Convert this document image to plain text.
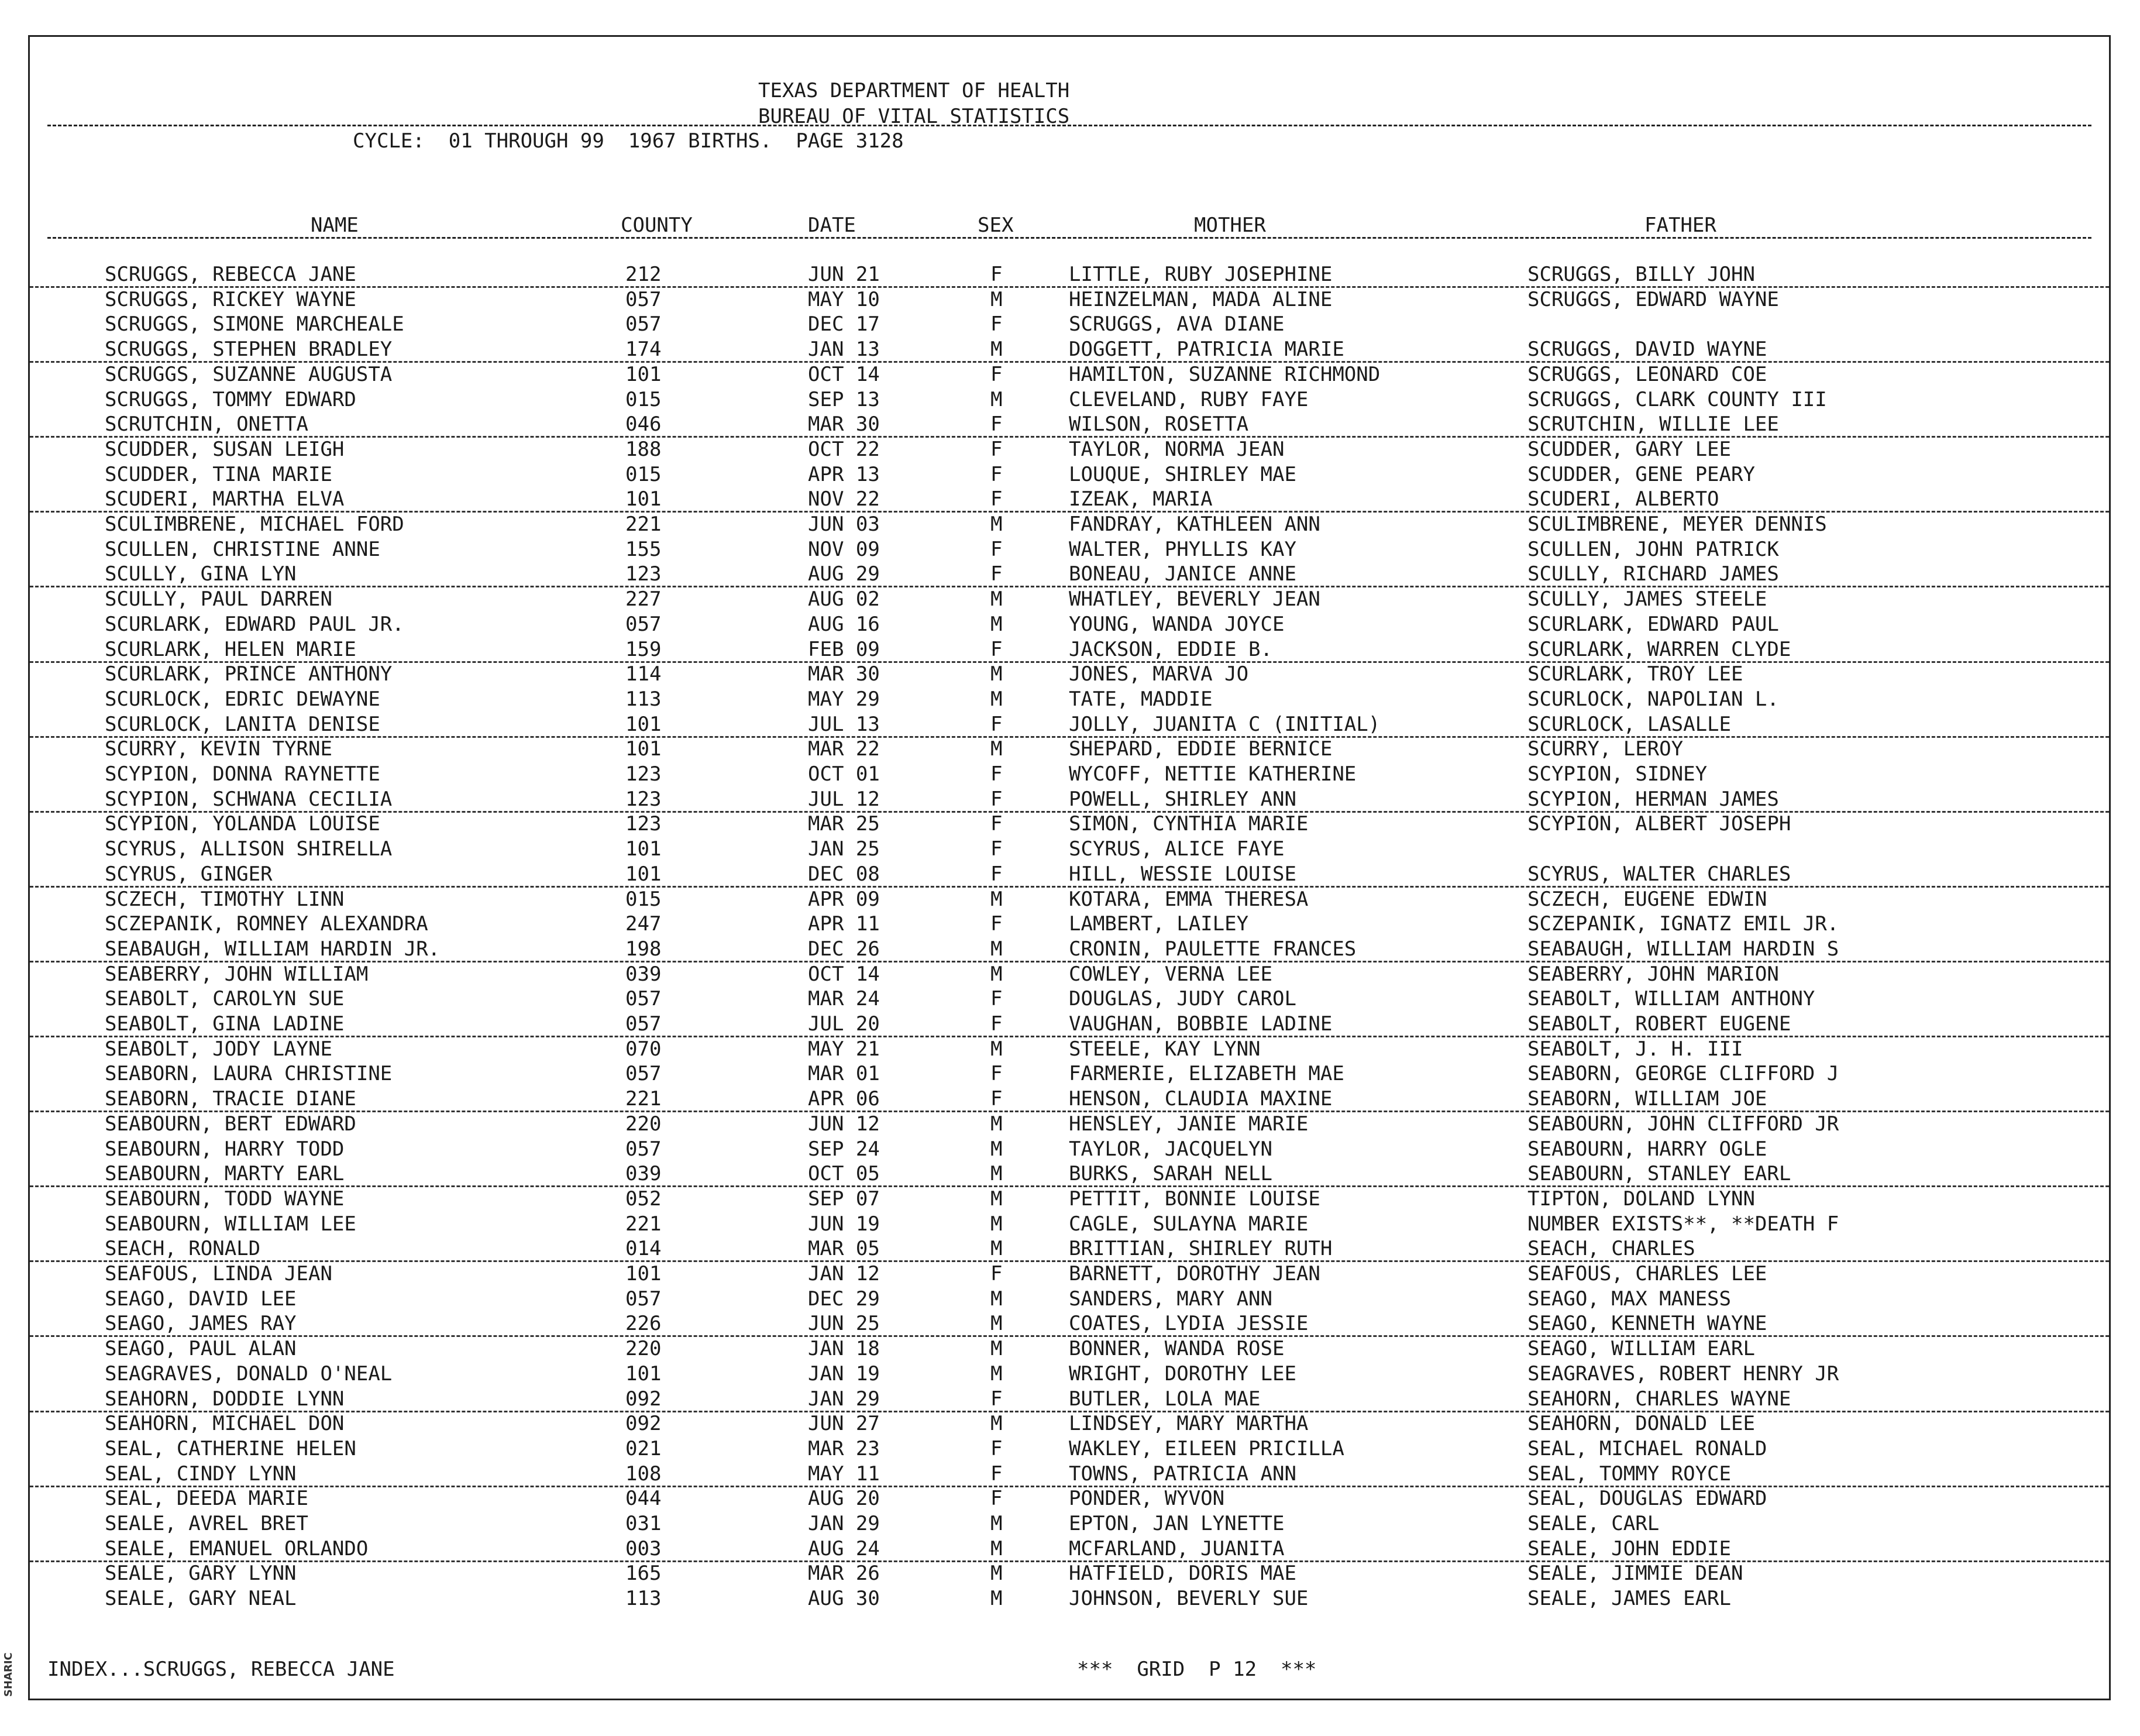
TEXAS DEPARTMENT OF HEALTH
BUREAU OF VITAL STATISTICS
CYCLE:  01 THROUGH 99  1967 BIRTHS.  PAGE 3128
NAME	COUNTY	DATE	SEX	MOTHER	FATHER
SCRUGGS, REBECCA JANE	212	JUN 21	F	LITTLE, RUBY JOSEPHINE	SCRUGGS, BILLY JOHN
SCRUGGS, RICKEY WAYNE	057	MAY 10	M	HEINZELMAN, MADA ALINE	SCRUGGS, EDWARD WAYNE
SCRUGGS, SIMONE MARCHEALE	057	DEC 17	F	SCRUGGS, AVA DIANE
SCRUGGS, STEPHEN BRADLEY	174	JAN 13	M	DOGGETT, PATRICIA MARIE	SCRUGGS, DAVID WAYNE
SCRUGGS, SUZANNE AUGUSTA	101	OCT 14	F	HAMILTON, SUZANNE RICHMOND	SCRUGGS, LEONARD COE
SCRUGGS, TOMMY EDWARD	015	SEP 13	M	CLEVELAND, RUBY FAYE	SCRUGGS, CLARK COUNTY III
SCRUTCHIN, ONETTA	046	MAR 30	F	WILSON, ROSETTA	SCRUTCHIN, WILLIE LEE
SCUDDER, SUSAN LEIGH	188	OCT 22	F	TAYLOR, NORMA JEAN	SCUDDER, GARY LEE
SCUDDER, TINA MARIE	015	APR 13	F	LOUQUE, SHIRLEY MAE	SCUDDER, GENE PEARY
SCUDERI, MARTHA ELVA	101	NOV 22	F	IZEAK, MARIA	SCUDERI, ALBERTO
SCULIMBRENE, MICHAEL FORD	221	JUN 03	M	FANDRAY, KATHLEEN ANN	SCULIMBRENE, MEYER DENNIS
SCULLEN, CHRISTINE ANNE	155	NOV 09	F	WALTER, PHYLLIS KAY	SCULLEN, JOHN PATRICK
SCULLY, GINA LYN	123	AUG 29	F	BONEAU, JANICE ANNE	SCULLY, RICHARD JAMES
SCULLY, PAUL DARREN	227	AUG 02	M	WHATLEY, BEVERLY JEAN	SCULLY, JAMES STEELE
SCURLARK, EDWARD PAUL JR.	057	AUG 16	M	YOUNG, WANDA JOYCE	SCURLARK, EDWARD PAUL
SCURLARK, HELEN MARIE	159	FEB 09	F	JACKSON, EDDIE B.	SCURLARK, WARREN CLYDE
SCURLARK, PRINCE ANTHONY	114	MAR 30	M	JONES, MARVA JO	SCURLARK, TROY LEE
SCURLOCK, EDRIC DEWAYNE	113	MAY 29	M	TATE, MADDIE	SCURLOCK, NAPOLIAN L.
SCURLOCK, LANITA DENISE	101	JUL 13	F	JOLLY, JUANITA C (INITIAL)	SCURLOCK, LASALLE
SCURRY, KEVIN TYRNE	101	MAR 22	M	SHEPARD, EDDIE BERNICE	SCURRY, LEROY
SCYPION, DONNA RAYNETTE	123	OCT 01	F	WYCOFF, NETTIE KATHERINE	SCYPION, SIDNEY
SCYPION, SCHWANA CECILIA	123	JUL 12	F	POWELL, SHIRLEY ANN	SCYPION, HERMAN JAMES
SCYPION, YOLANDA LOUISE	123	MAR 25	F	SIMON, CYNTHIA MARIE	SCYPION, ALBERT JOSEPH
SCYRUS, ALLISON SHIRELLA	101	JAN 25	F	SCYRUS, ALICE FAYE
SCYRUS, GINGER	101	DEC 08	F	HILL, WESSIE LOUISE	SCYRUS, WALTER CHARLES
SCZECH, TIMOTHY LINN	015	APR 09	M	KOTARA, EMMA THERESA	SCZECH, EUGENE EDWIN
SCZEPANIK, ROMNEY ALEXANDRA	247	APR 11	F	LAMBERT, LAILEY	SCZEPANIK, IGNATZ EMIL JR.
SEABAUGH, WILLIAM HARDIN JR.	198	DEC 26	M	CRONIN, PAULETTE FRANCES	SEABAUGH, WILLIAM HARDIN S
SEABERRY, JOHN WILLIAM	039	OCT 14	M	COWLEY, VERNA LEE	SEABERRY, JOHN MARION
SEABOLT, CAROLYN SUE	057	MAR 24	F	DOUGLAS, JUDY CAROL	SEABOLT, WILLIAM ANTHONY
SEABOLT, GINA LADINE	057	JUL 20	F	VAUGHAN, BOBBIE LADINE	SEABOLT, ROBERT EUGENE
SEABOLT, JODY LAYNE	070	MAY 21	M	STEELE, KAY LYNN	SEABOLT, J. H. III
SEABORN, LAURA CHRISTINE	057	MAR 01	F	FARMERIE, ELIZABETH MAE	SEABORN, GEORGE CLIFFORD J
SEABORN, TRACIE DIANE	221	APR 06	F	HENSON, CLAUDIA MAXINE	SEABORN, WILLIAM JOE
SEABOURN, BERT EDWARD	220	JUN 12	M	HENSLEY, JANIE MARIE	SEABOURN, JOHN CLIFFORD JR
SEABOURN, HARRY TODD	057	SEP 24	M	TAYLOR, JACQUELYN	SEABOURN, HARRY OGLE
SEABOURN, MARTY EARL	039	OCT 05	M	BURKS, SARAH NELL	SEABOURN, STANLEY EARL
SEABOURN, TODD WAYNE	052	SEP 07	M	PETTIT, BONNIE LOUISE	TIPTON, DOLAND LYNN
SEABOURN, WILLIAM LEE	221	JUN 19	M	CAGLE, SULAYNA MARIE	NUMBER EXISTS**, **DEATH F
SEACH, RONALD	014	MAR 05	M	BRITTIAN, SHIRLEY RUTH	SEACH, CHARLES
SEAFOUS, LINDA JEAN	101	JAN 12	F	BARNETT, DOROTHY JEAN	SEAFOUS, CHARLES LEE
SEAGO, DAVID LEE	057	DEC 29	M	SANDERS, MARY ANN	SEAGO, MAX MANESS
SEAGO, JAMES RAY	226	JUN 25	M	COATES, LYDIA JESSIE	SEAGO, KENNETH WAYNE
SEAGO, PAUL ALAN	220	JAN 18	M	BONNER, WANDA ROSE	SEAGO, WILLIAM EARL
SEAGRAVES, DONALD O'NEAL	101	JAN 19	M	WRIGHT, DOROTHY LEE	SEAGRAVES, ROBERT HENRY JR
SEAHORN, DODDIE LYNN	092	JAN 29	F	BUTLER, LOLA MAE	SEAHORN, CHARLES WAYNE
SEAHORN, MICHAEL DON	092	JUN 27	M	LINDSEY, MARY MARTHA	SEAHORN, DONALD LEE
SEAL, CATHERINE HELEN	021	MAR 23	F	WAKLEY, EILEEN PRICILLA	SEAL, MICHAEL RONALD
SEAL, CINDY LYNN	108	MAY 11	F	TOWNS, PATRICIA ANN	SEAL, TOMMY ROYCE
SEAL, DEEDA MARIE	044	AUG 20	F	PONDER, WYVON	SEAL, DOUGLAS EDWARD
SEALE, AVREL BRET	031	JAN 29	M	EPTON, JAN LYNETTE	SEALE, CARL
SEALE, EMANUEL ORLANDO	003	AUG 24	M	MCFARLAND, JUANITA	SEALE, JOHN EDDIE
SEALE, GARY LYNN	165	MAR 26	M	HATFIELD, DORIS MAE	SEALE, JIMMIE DEAN
SEALE, GARY NEAL	113	AUG 30	M	JOHNSON, BEVERLY SUE	SEALE, JAMES EARL
INDEX...SCRUGGS, REBECCA JANE	***  GRID  P 12  ***
SHARIC
